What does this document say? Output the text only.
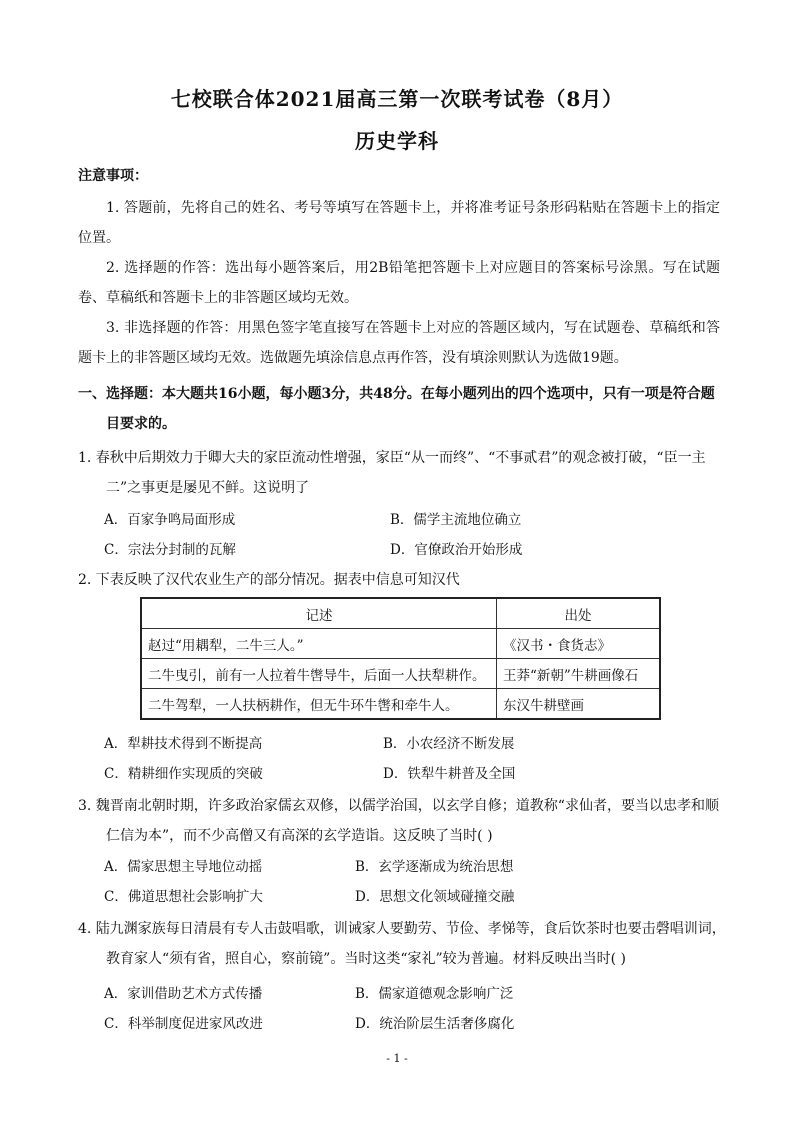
七校联合体2021届高三第一次联考试卷（8月）
历史学科
注意事项：
1. 答题前，先将自己的姓名、考号等填写在答题卡上，并将准考证号条形码粘贴在答题卡上的指定位置。
2. 选择题的作答：选出每小题答案后，用2B铅笔把答题卡上对应题目的答案标号涂黑。写在试题卷、草稿纸和答题卡上的非答题区域均无效。
3. 非选择题的作答：用黑色签字笔直接写在答题卡上对应的答题区域内，写在试题卷、草稿纸和答题卡上的非答题区域均无效。选做题先填涂信息点再作答，没有填涂则默认为选做19题。
一、选择题：本大题共16小题，每小题3分，共48分。在每小题列出的四个选项中，只有一项是符合题
目要求的。
1. 春秋中后期效力于卿大夫的家臣流动性增强，家臣“从一而终”、“不事贰君”的观念被打破，“臣一主
二”之事更是屡见不鲜。这说明了
A．百家争鸣局面形成	B．儒学主流地位确立
C．宗法分封制的瓦解	D．官僚政治开始形成
2. 下表反映了汉代农业生产的部分情况。据表中信息可知汉代
记述	出处
赵过“用耦犁，二牛三人。”	《汉书・食货志》
二牛曳引，前有一人拉着牛辔导牛，后面一人扶犁耕作。	王莽“新朝”牛耕画像石
二牛驾犁，一人扶柄耕作，但无牛环牛辔和牵牛人。	东汉牛耕壁画
A．犁耕技术得到不断提高	B．小农经济不断发展
C．精耕细作实现质的突破	D．铁犁牛耕普及全国
3. 魏晋南北朝时期，许多政治家儒玄双修，以儒学治国，以玄学自修；道教称“求仙者，要当以忠孝和顺
仁信为本”，而不少高僧又有高深的玄学造诣。这反映了当时( )
A．儒家思想主导地位动摇	B．玄学逐渐成为统治思想
C．佛道思想社会影响扩大	D．思想文化领域碰撞交融
4. 陆九渊家族每日清晨有专人击鼓唱歌，训诫家人要勤劳、节俭、孝悌等，食后饮茶时也要击磬唱训词，
教育家人“须有省，照自心，察前镜”。当时这类“家礼”较为普遍。材料反映出当时( )
A．家训借助艺术方式传播	B．儒家道德观念影响广泛
C．科举制度促进家风改进	D．统治阶层生活奢侈腐化
- 1 -
